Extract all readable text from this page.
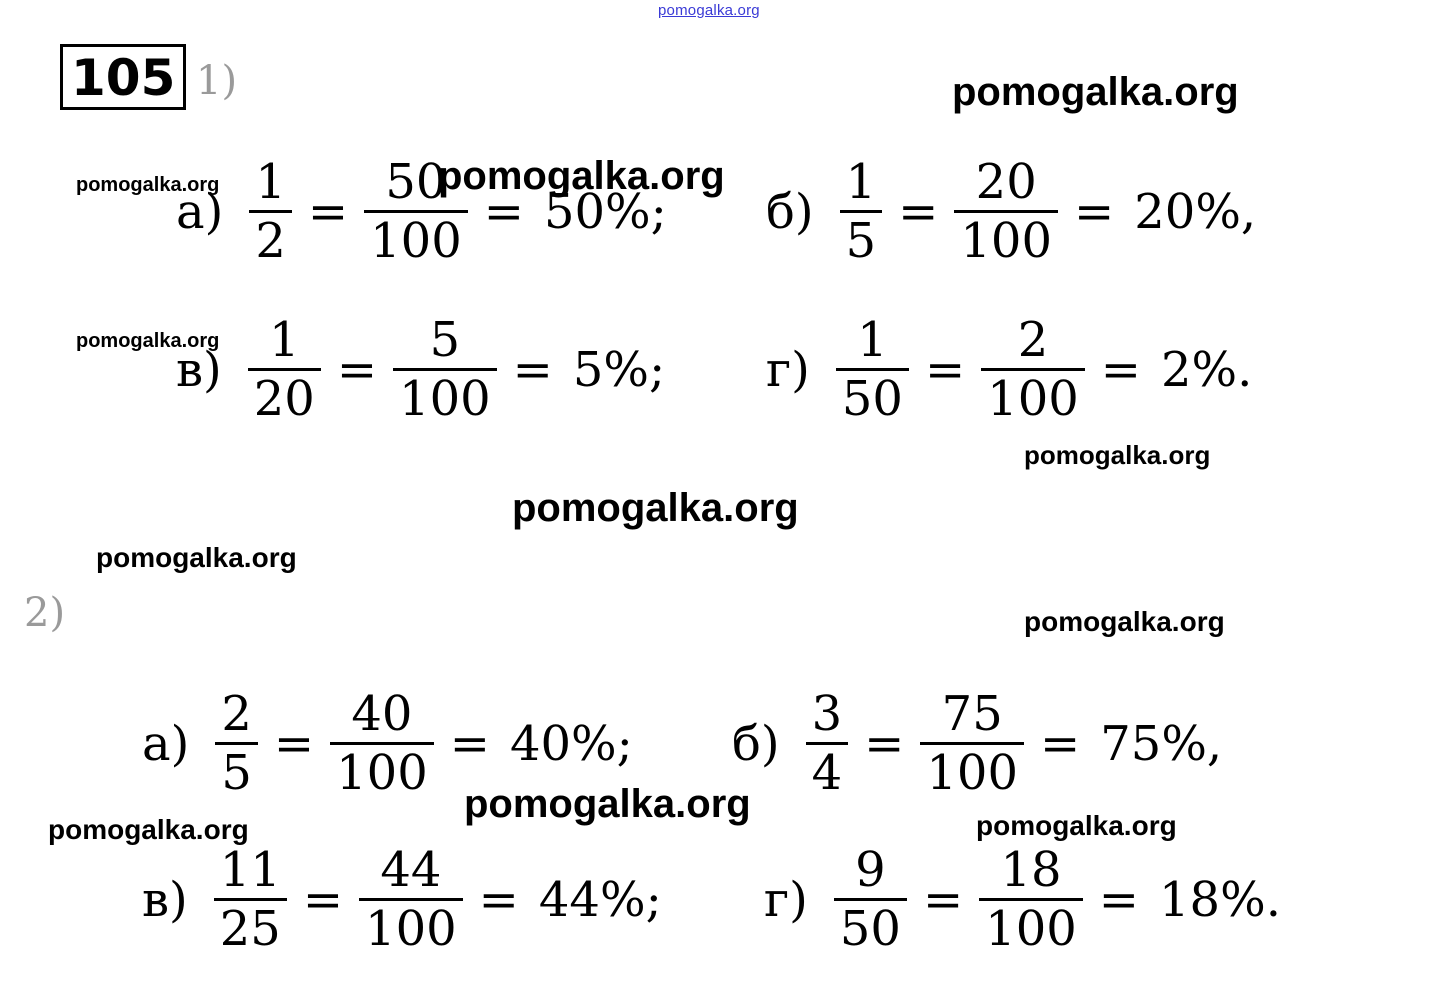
pomogalka.org
105 1)
2)
$а) \frac{1}{2} = \frac{50}{100} = 50\%$; $б) \frac{1}{5} = \frac{20}{100} = 20\%$,
$в) \frac{1}{20} = \frac{5}{100} = 5\%$; $г) \frac{1}{50} = \frac{2}{100} = 2\%$.
$а) \frac{2}{5} = \frac{40}{100} = 40\%$; $б) \frac{3}{4} = \frac{75}{100} = 75\%$,
$в) \frac{11}{25} = \frac{44}{100} = 44\%$; $г) \frac{9}{50} = \frac{18}{100} = 18\%$.
pomogalka.org
pomogalka.org	pomogalka.org
pomogalka.org
pomogalka.org
pomogalka.org
pomogalka.org
pomogalka.org
pomogalka.org
pomogalka.org	pomogalka.org
